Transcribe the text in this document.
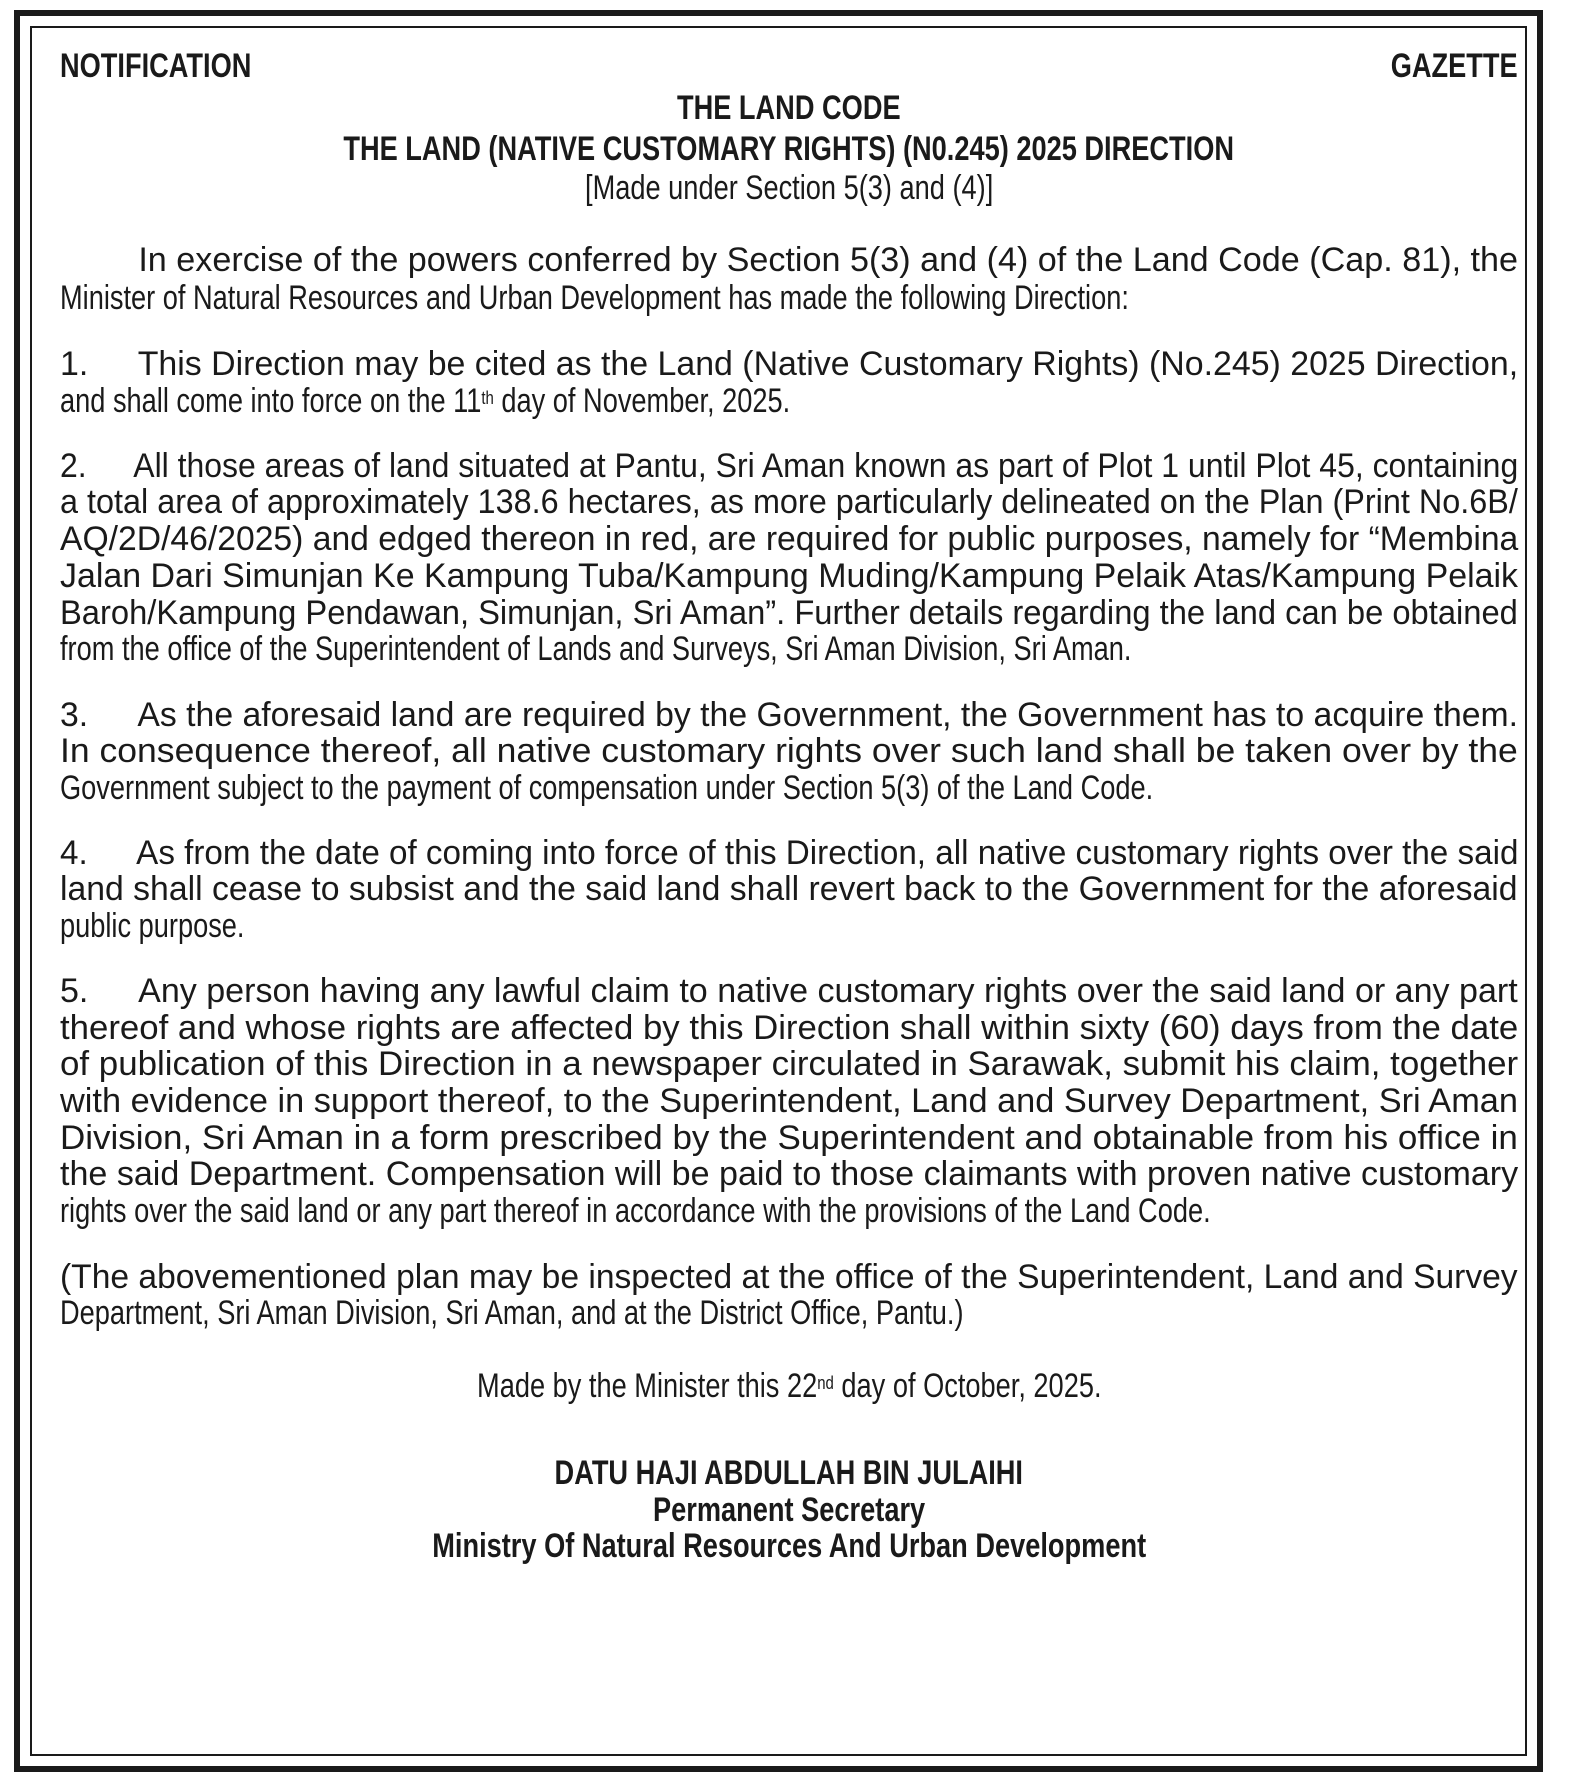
NOTIFICATION	GAZETTE
THE LAND CODE
THE LAND (NATIVE CUSTOMARY RIGHTS) (N0.245) 2025 DIRECTION
[Made under Section 5(3) and (4)]
In exercise of the powers conferred by Section 5(3) and (4) of the Land Code (Cap. 81), the
Minister of Natural Resources and Urban Development has made the following Direction:
1. This Direction may be cited as the Land (Native Customary Rights) (No.245) 2025 Direction,
and shall come into force on the 11th day of November, 2025.
2. All those areas of land situated at Pantu, Sri Aman known as part of Plot 1 until Plot 45, containing
a total area of approximately 138.6 hectares, as more particularly delineated on the Plan (Print No.6B/
AQ/2D/46/2025) and edged thereon in red, are required for public purposes, namely for “Membina
Jalan Dari Simunjan Ke Kampung Tuba/Kampung Muding/Kampung Pelaik Atas/Kampung Pelaik
Baroh/Kampung Pendawan, Simunjan, Sri Aman”. Further details regarding the land can be obtained
from the office of the Superintendent of Lands and Surveys, Sri Aman Division, Sri Aman.
3. As the aforesaid land are required by the Government, the Government has to acquire them.
In consequence thereof, all native customary rights over such land shall be taken over by the
Government subject to the payment of compensation under Section 5(3) of the Land Code.
4. As from the date of coming into force of this Direction, all native customary rights over the said
land shall cease to subsist and the said land shall revert back to the Government for the aforesaid
public purpose.
5. Any person having any lawful claim to native customary rights over the said land or any part
thereof and whose rights are affected by this Direction shall within sixty (60) days from the date
of publication of this Direction in a newspaper circulated in Sarawak, submit his claim, together
with evidence in support thereof, to the Superintendent, Land and Survey Department, Sri Aman
Division, Sri Aman in a form prescribed by the Superintendent and obtainable from his office in
the said Department. Compensation will be paid to those claimants with proven native customary
rights over the said land or any part thereof in accordance with the provisions of the Land Code.
(The abovementioned plan may be inspected at the office of the Superintendent, Land and Survey
Department, Sri Aman Division, Sri Aman, and at the District Office, Pantu.)
Made by the Minister this 22nd day of October, 2025.
DATU HAJI ABDULLAH BIN JULAIHI
Permanent Secretary
Ministry Of Natural Resources And Urban Development
